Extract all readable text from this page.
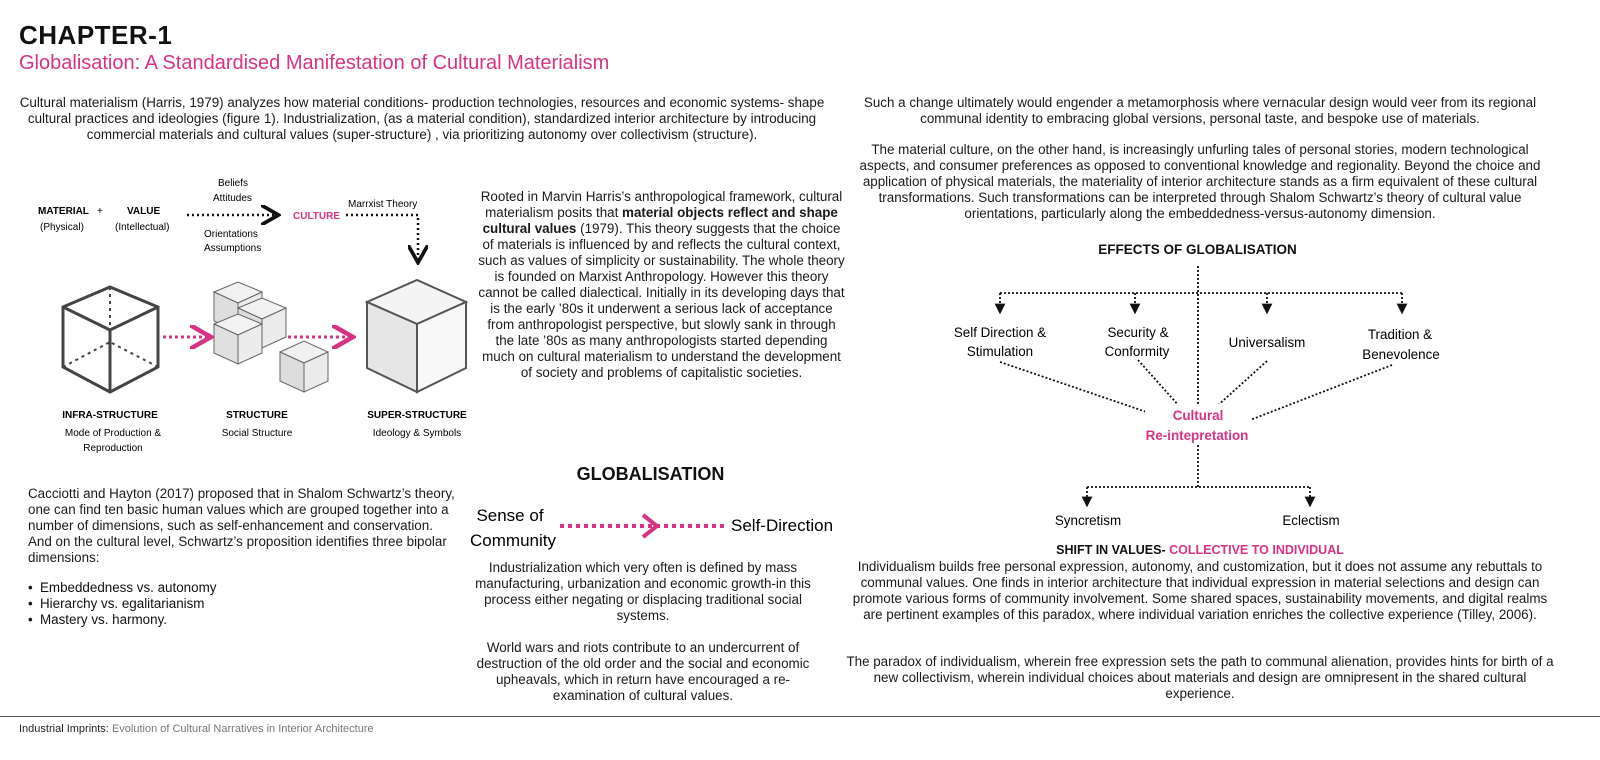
CHAPTER-1
Globalisation: A Standardised Manifestation of Cultural Materialism

Cultural materialism (Harris, 1979) analyzes how material conditions- production technologies, resources and economic systems- shape cultural practices and ideologies (figure 1). Industrialization, (as a material condition), standardized interior architecture by introducing commercial materials and cultural values (super-structure) , via prioritizing autonomy over collectivism (structure).

MATERIAL
(Physical)
+ VALUE
(Intellectual)
Beliefs
Attitudes
Orientations
Assumptions
CULTURE
Marrxist Theory
INFRA-STRUCTURE
Mode of Production &
Reproduction
STRUCTURE
Social Structure
SUPER-STRUCTURE
Ideology & Symbols

Rooted in Marvin Harris’s anthropological framework, cultural materialism posits that material objects reflect and shape cultural values (1979). This theory suggests that the choice of materials is influenced by and reflects the cultural context, such as values of simplicity or sustainability. The whole theory is founded on Marxist Anthropology. However this theory cannot be called dialectical. Initially in its developing days that is the early ’80s it underwent a serious lack of acceptance from anthropologist perspective, but slowly sank in through the late ’80s as many anthropologists started depending much on cultural materialism to understand the development of society and problems of capitalistic societies.

Cacciotti and Hayton (2017) proposed that in Shalom Schwartz’s theory, one can find ten basic human values which are grouped together into a number of dimensions, such as self-enhancement and conservation. And on the cultural level, Schwartz’s proposition identifies three bipolar dimensions:

• Embeddedness vs. autonomy
• Hierarchy vs. egalitarianism
• Mastery vs. harmony.
GLOBALISATION
Sense of
Community
Self-Direction

Industrialization which very often is defined by mass manufacturing, urbanization and economic growth-in this process either negating or displacing traditional social systems.

World wars and riots contribute to an undercurrent of destruction of the old order and the social and economic upheavals, which in return have encouraged a re-examination of cultural values.

Such a change ultimately would engender a metamorphosis where vernacular design would veer from its regional communal identity to embracing global versions, personal taste, and bespoke use of materials.

The material culture, on the other hand, is increasingly unfurling tales of personal stories, modern technological aspects, and consumer preferences as opposed to conventional knowledge and regionality. Beyond the choice and application of physical materials, the materiality of interior architecture stands as a firm equivalent of these cultural transformations. Such transformations can be interpreted through Shalom Schwartz’s theory of cultural value orientations, particularly along the embeddedness-versus-autonomy dimension.

EFFECTS OF GLOBALISATION
Self Direction &
Stimulation
Security &
Conformity
Universalism
Tradition &
Benevolence
Cultural
Re-intepretation
Syncretism	Eclectism
SHIFT IN VALUES- COLLECTIVE TO INDIVIDUAL

Individualism builds free personal expression, autonomy, and customization, but it does not assume any rebuttals to communal values. One finds in interior architecture that individual expression in material selections and design can promote various forms of community involvement. Some shared spaces, sustainability movements, and digital realms are pertinent examples of this paradox, where individual variation enriches the collective experience (Tilley, 2006).

The paradox of individualism, wherein free expression sets the path to communal alienation, provides hints for birth of a new collectivism, wherein individual choices about materials and design are omnipresent in the shared cultural experience.

Industrial Imprints: Evolution of Cultural Narratives in Interior Architecture
